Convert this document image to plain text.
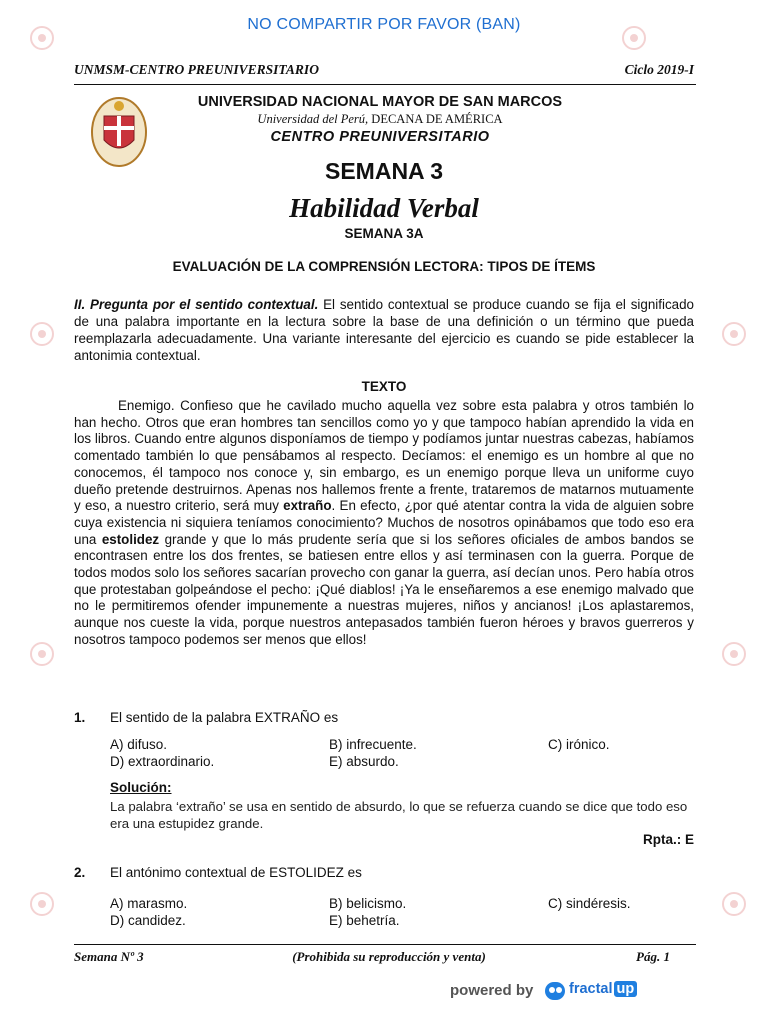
NO COMPARTIR POR FAVOR (BAN)
UNMSM-CENTRO PREUNIVERSITARIO	Ciclo 2019-I
UNIVERSIDAD NACIONAL MAYOR DE SAN MARCOS
Universidad del Perú, DECANA DE AMÉRICA
CENTRO PREUNIVERSITARIO
SEMANA 3
Habilidad Verbal
SEMANA 3A
EVALUACIÓN DE LA COMPRENSIÓN LECTORA: TIPOS DE ÍTEMS
II. Pregunta por el sentido contextual. El sentido contextual se produce cuando se fija el significado de una palabra importante en la lectura sobre la base de una definición o un término que pueda reemplazarla adecuadamente. Una variante interesante del ejercicio es cuando se pide establecer la antonimia contextual.
TEXTO
Enemigo. Confieso que he cavilado mucho aquella vez sobre esta palabra y otros también lo han hecho. Otros que eran hombres tan sencillos como yo y que tampoco habían aprendido la vida en los libros. Cuando entre algunos disponíamos de tiempo y podíamos juntar nuestras cabezas, habíamos comentado también lo que pensábamos al respecto. Decíamos: el enemigo es un hombre al que no conocemos, él tampoco nos conoce y, sin embargo, es un enemigo porque lleva un uniforme cuyo dueño pretende destruirnos. Apenas nos hallemos frente a frente, trataremos de matarnos mutuamente y eso, a nuestro criterio, será muy extraño. En efecto, ¿por qué atentar contra la vida de alguien sobre cuya existencia ni siquiera teníamos conocimiento? Muchos de nosotros opinábamos que todo eso era una estolidez grande y que lo más prudente sería que si los señores oficiales de ambos bandos se encontrasen entre los dos frentes, se batiesen entre ellos y así terminasen con la guerra. Porque de todos modos solo los señores sacarían provecho con ganar la guerra, así decían unos. Pero había otros que protestaban golpeándose el pecho: ¡Qué diablos! ¡Ya le enseñaremos a ese enemigo malvado que no le permitiremos ofender impunemente a nuestras mujeres, niños y ancianos! ¡Los aplastaremos, aunque nos cueste la vida, porque nuestros antepasados también fueron héroes y bravos guerreros y nosotros tampoco podemos ser menos que ellos!
1. El sentido de la palabra EXTRAÑO es
A) difuso.	B) infrecuente.	C) irónico.
D) extraordinario.	E) absurdo.
Solución:
La palabra ‘extraño’ se usa en sentido de absurdo, lo que se refuerza cuando se dice que todo eso era una estupidez grande.
Rpta.: E
2. El antónimo contextual de ESTOLIDEZ es
A) marasmo.	B) belicismo.	C) sindéresis.
D) candidez.	E) behetría.
Semana Nº 3	(Prohibida su reproducción y venta)	Pág. 1
powered by fractal up
